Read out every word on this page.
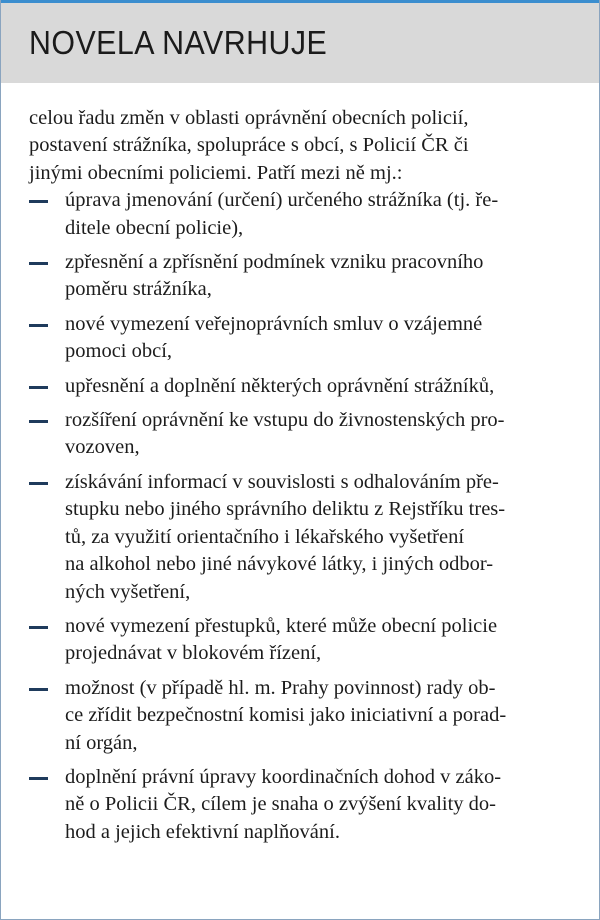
NOVELA NAVRHUJE

celou řadu změn v oblasti oprávnění obecních policií,
postavení strážníka, spolupráce s obcí, s Policií ČR či
jinými obecními policiemi. Patří mezi ně mj.:

úprava jmenování (určení) určeného strážníka (tj. ře-
ditele obecní policie),
zpřesnění a zpřísnění podmínek vzniku pracovního
poměru strážníka,
nové vymezení veřejnoprávních smluv o vzájemné
pomoci obcí,
upřesnění a doplnění některých oprávnění strážníků,
rozšíření oprávnění ke vstupu do živnostenských pro-
vozoven,
získávání informací v souvislosti s odhalováním pře-
stupku nebo jiného správního deliktu z Rejstříku tres-
tů, za využití orientačního i lékařského vyšetření
na alkohol nebo jiné návykové látky, i jiných odbor-
ných vyšetření,
nové vymezení přestupků, které může obecní policie
projednávat v blokovém řízení,
možnost (v případě hl. m. Prahy povinnost) rady ob-
ce zřídit bezpečnostní komisi jako iniciativní a porad-
ní orgán,
doplnění právní úpravy koordinačních dohod v záko-
ně o Policii ČR, cílem je snaha o zvýšení kvality do-
hod a jejich efektivní naplňování.
